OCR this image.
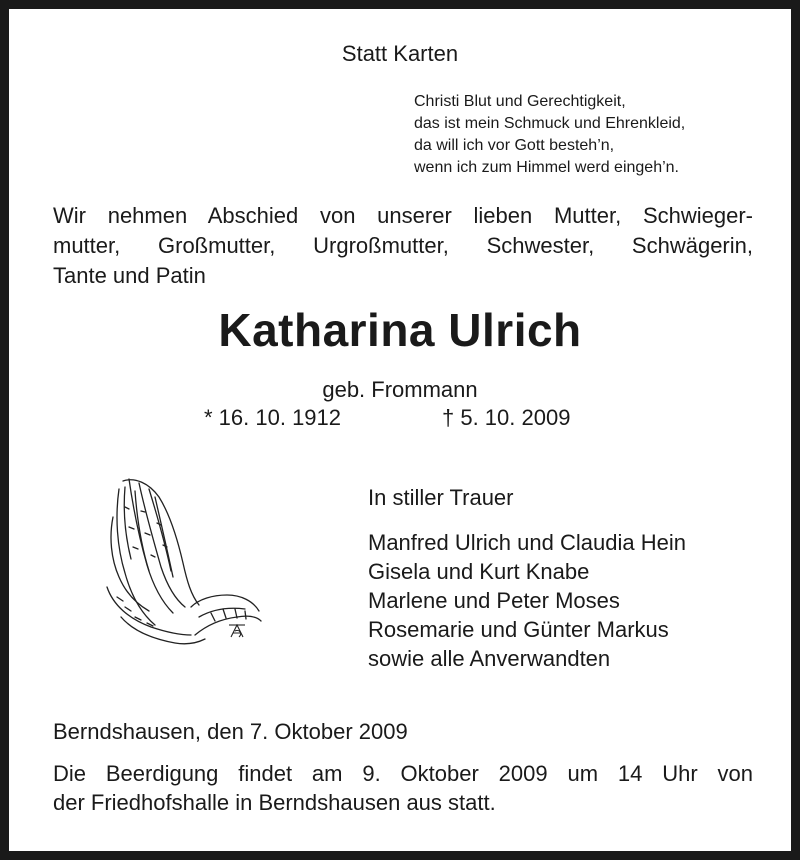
Statt Karten
Christi Blut und Gerechtigkeit,
das ist mein Schmuck und Ehrenkleid,
da will ich vor Gott besteh’n,
wenn ich zum Himmel werd eingeh’n.
Wir nehmen Abschied von unserer lieben Mutter, Schwieger-
mutter, Großmutter, Urgroßmutter, Schwester, Schwägerin,
Tante und Patin
Katharina Ulrich
geb. Frommann
* 16. 10. 1912	† 5. 10. 2009
In stiller Trauer
Manfred Ulrich und Claudia Hein
Gisela und Kurt Knabe
Marlene und Peter Moses
Rosemarie und Günter Markus
sowie alle Anverwandten
Berndshausen, den 7. Oktober 2009
Die Beerdigung findet am 9. Oktober 2009 um 14 Uhr von
der Friedhofshalle in Berndshausen aus statt.
